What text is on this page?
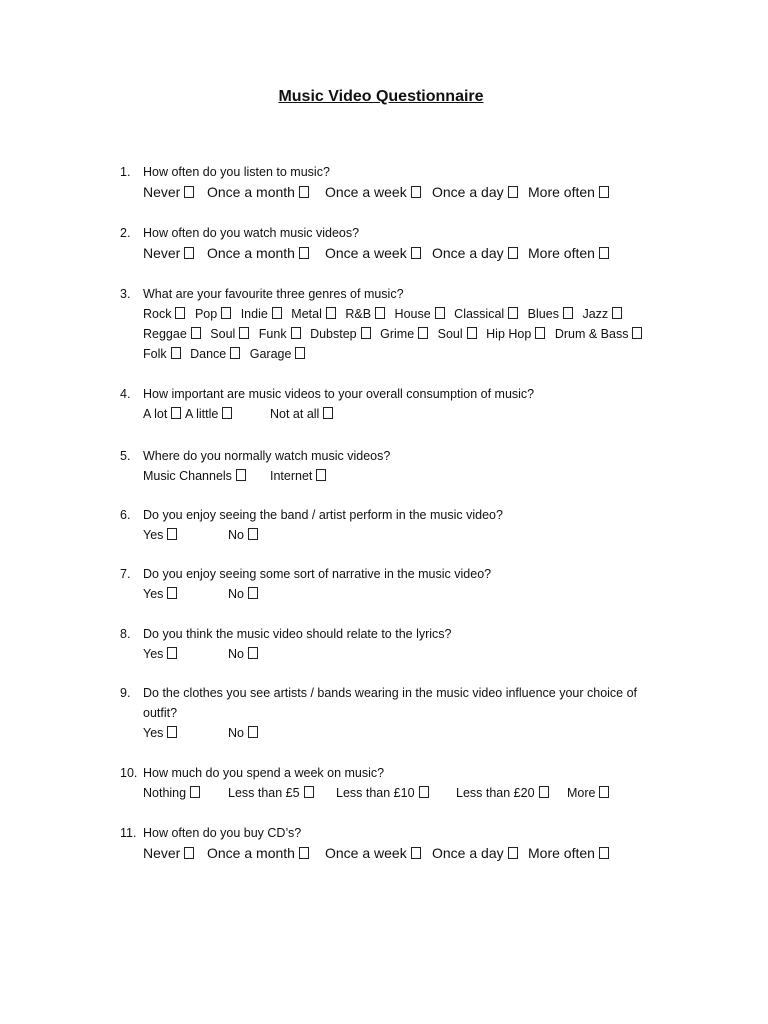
Music Video Questionnaire
1.	How often do you listen to music?
Never	Once a month	Once a week	Once a day	More often
2.	How often do you watch music videos?
Never	Once a month	Once a week	Once a day	More often
3.	What are your favourite three genres of music?
Rock Pop Indie Metal R&B House Classical Blues Jazz Reggae Soul Funk Dubstep Grime Soul Hip Hop Drum & Bass Folk Dance Garage
4.	How important are music videos to your overall consumption of music?
A lot	A little	Not at all
5.	Where do you normally watch music videos?
Music Channels	Internet
6.	Do you enjoy seeing the band / artist perform in the music video?
Yes	No
7.	Do you enjoy seeing some sort of narrative in the music video?
Yes	No
8.	Do you think the music video should relate to the lyrics?
Yes	No
9.	Do the clothes you see artists / bands wearing in the music video influence your choice of outfit?
Yes	No
10. How much do you spend a week on music?
Nothing	Less than £5	Less than £10	Less than £20	More
11. How often do you buy CD’s?
Never	Once a month	Once a week	Once a day	More often
